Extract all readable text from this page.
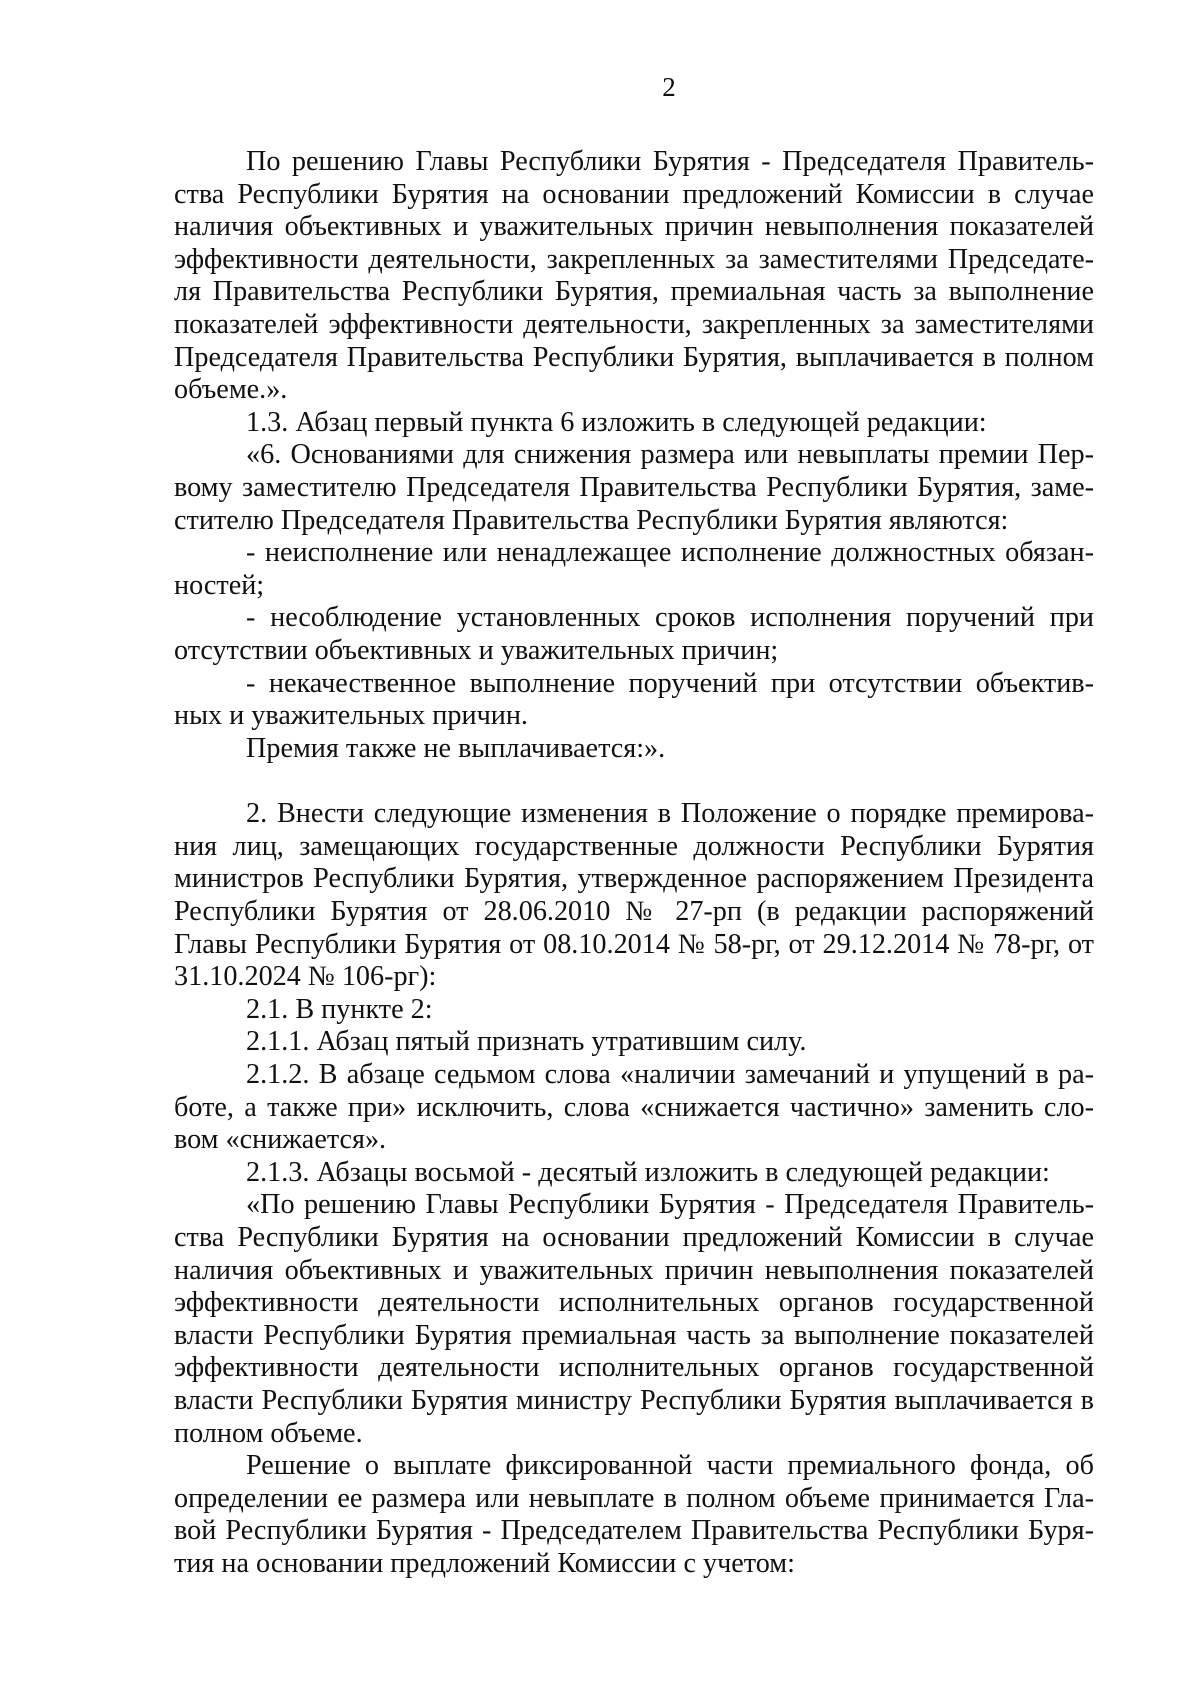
2

По решению Главы Республики Бурятия - Председателя Правительства Республики Бурятия на основании предложений Комиссии в случае наличия объективных и уважительных причин невыполнения показателей эффективности деятельности, закрепленных за заместителями Председателя Правительства Республики Бурятия, премиальная часть за выполнение показателей эффективности деятельности, закрепленных за заместителями Председателя Правительства Республики Бурятия, выплачивается в полном объеме.».

1.3. Абзац первый пункта 6 изложить в следующей редакции:

«6. Основаниями для снижения размера или невыплаты премии Первому заместителю Председателя Правительства Республики Бурятия, заместителю Председателя Правительства Республики Бурятия являются:

- неисполнение или ненадлежащее исполнение должностных обязанностей;

- несоблюдение установленных сроков исполнения поручений при отсутствии объективных и уважительных причин;

- некачественное выполнение поручений при отсутствии объективных и уважительных причин.

Премия также не выплачивается:».

2. Внести следующие изменения в Положение о порядке премирования лиц, замещающих государственные должности Республики Бурятия министров Республики Бурятия, утвержденное распоряжением Президента Республики Бурятия от 28.06.2010 № 27-рп (в редакции распоряжений Главы Республики Бурятия от 08.10.2014 № 58-рг, от 29.12.2014 № 78-рг, от 31.10.2024 № 106-рг):

2.1. В пункте 2:

2.1.1. Абзац пятый признать утратившим силу.

2.1.2. В абзаце седьмом слова «наличии замечаний и упущений в работе, а также при» исключить, слова «снижается частично» заменить словом «снижается».

2.1.3. Абзацы восьмой - десятый изложить в следующей редакции:

«По решению Главы Республики Бурятия - Председателя Правительства Республики Бурятия на основании предложений Комиссии в случае наличия объективных и уважительных причин невыполнения показателей эффективности деятельности исполнительных органов государственной власти Республики Бурятия премиальная часть за выполнение показателей эффективности деятельности исполнительных органов государственной власти Республики Бурятия министру Республики Бурятия выплачивается в полном объеме.

Решение о выплате фиксированной части премиального фонда, об определении ее размера или невыплате в полном объеме принимается Главой Республики Бурятия - Председателем Правительства Республики Бурятия на основании предложений Комиссии с учетом:
